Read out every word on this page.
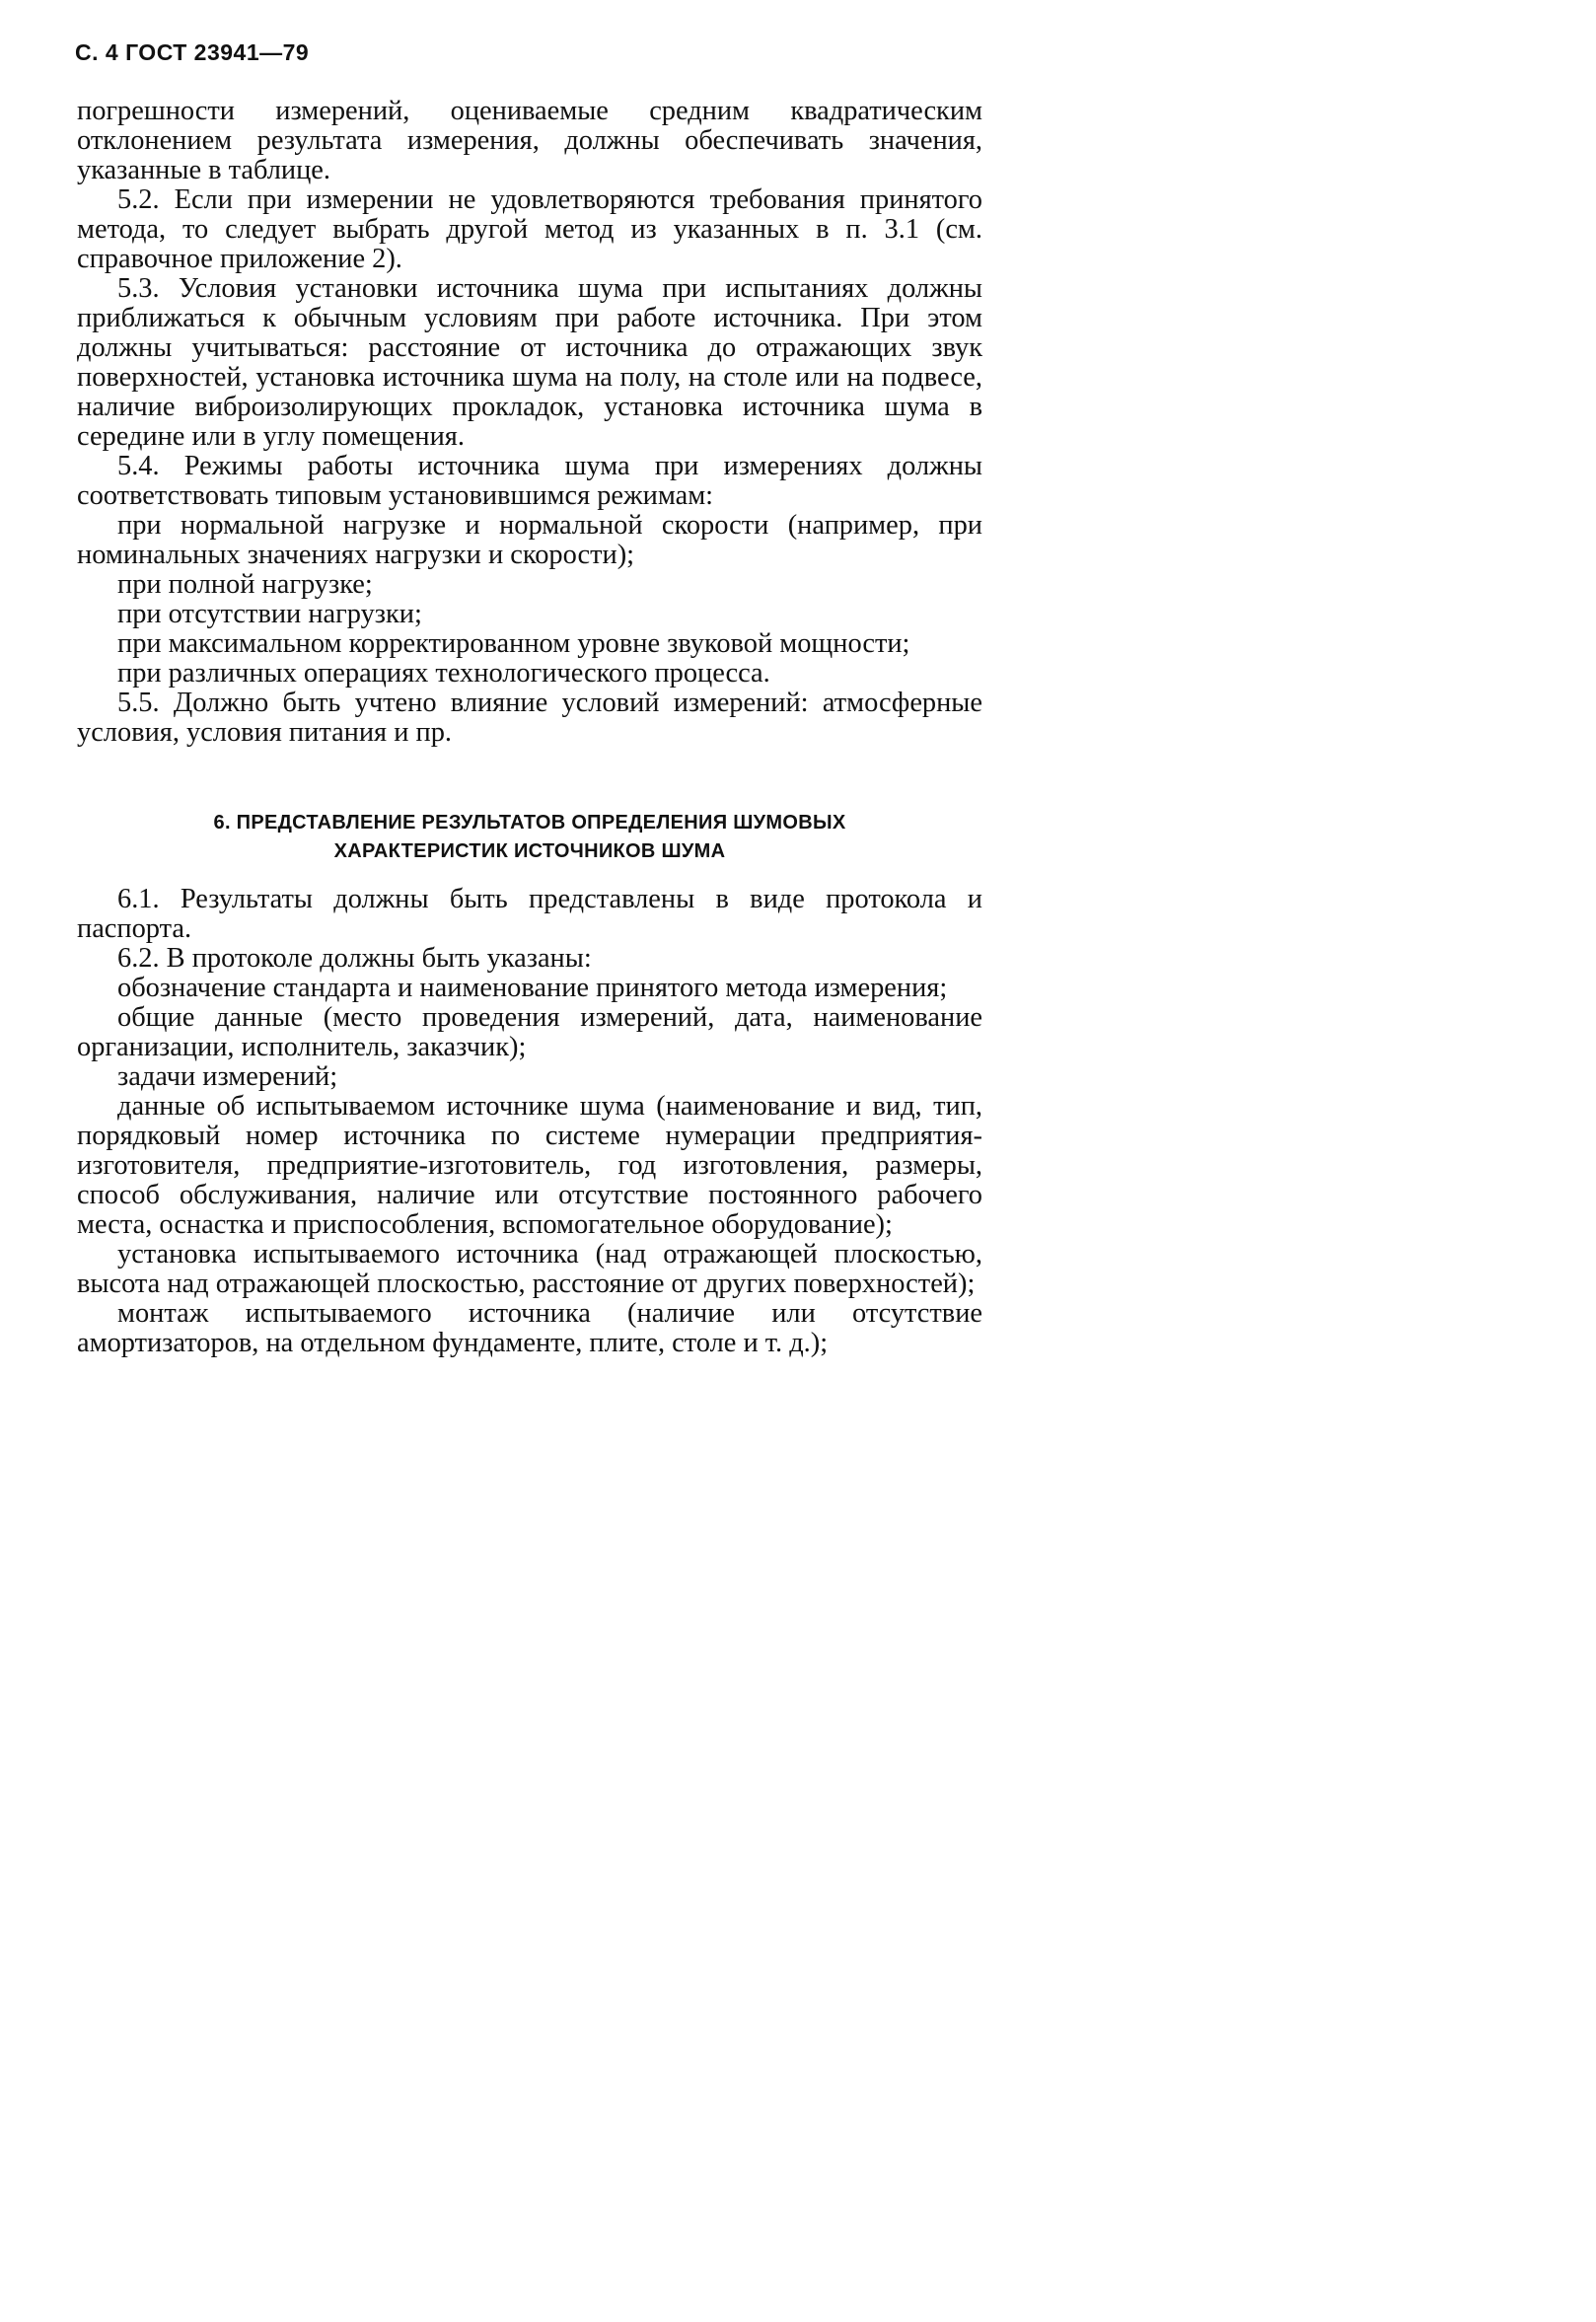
С. 4 ГОСТ 23941—79

погрешности измерений, оцениваемые средним квадратическим отклонением результата измерения, должны обеспечивать значения, указанные в таблице.

5.2. Если при измерении не удовлетворяются требования принятого метода, то следует выбрать другой метод из указанных в п. 3.1 (см. справочное приложение 2).

5.3. Условия установки источника шума при испытаниях должны приближаться к обычным условиям при работе источника. При этом должны учитываться: расстояние от источника до отражающих звук поверхностей, установка источника шума на полу, на столе или на подвесе, наличие виброизолирующих прокладок, установка источника шума в середине или в углу помещения.

5.4. Режимы работы источника шума при измерениях должны соответствовать типовым установившимся режимам:

при нормальной нагрузке и нормальной скорости (например, при номинальных значениях нагрузки и скорости);

при полной нагрузке;

при отсутствии нагрузки;

при максимальном корректированном уровне звуковой мощности;

при различных операциях технологического процесса.

5.5. Должно быть учтено влияние условий измерений: атмосферные условия, условия питания и пр.

6. ПРЕДСТАВЛЕНИЕ РЕЗУЛЬТАТОВ ОПРЕДЕЛЕНИЯ ШУМОВЫХ
ХАРАКТЕРИСТИК ИСТОЧНИКОВ ШУМА

6.1. Результаты должны быть представлены в виде протокола и паспорта.

6.2. В протоколе должны быть указаны:

обозначение стандарта и наименование принятого метода измерения;

общие данные (место проведения измерений, дата, наименование организации, исполнитель, заказчик);

задачи измерений;

данные об испытываемом источнике шума (наименование и вид, тип, порядковый номер источника по системе нумерации предприятия-изготовителя, предприятие-изготовитель, год изготовления, размеры, способ обслуживания, наличие или отсутствие постоянного рабочего места, оснастка и приспособления, вспомогательное оборудование);

установка испытываемого источника (над отражающей плоскостью, высота над отражающей плоскостью, расстояние от других поверхностей);

монтаж испытываемого источника (наличие или отсутствие амортизаторов, на отдельном фундаменте, плите, столе и т. д.);
